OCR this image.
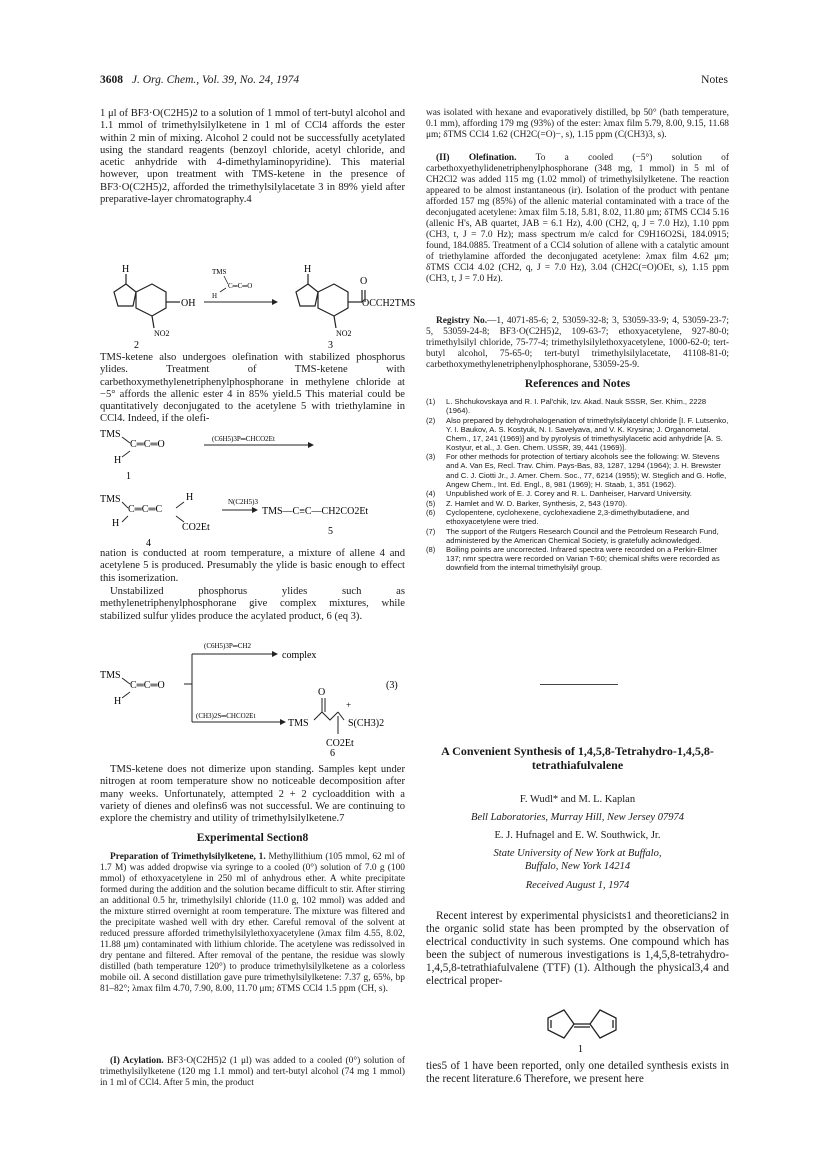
3608 J. Org. Chem., Vol. 39, No. 24, 1974	Notes

1 μl of BF3·O(C2H5)2 to a solution of 1 mmol of tert-butyl alcohol and 1.1 mmol of trimethylsilylketene in 1 ml of CCl4 affords the ester within 2 min of mixing. Alcohol 2 could not be successfully acetylated using the standard reagents (benzoyl chloride, acetyl chloride, and acetic anhydride with 4-dimethylaminopyridine). This material however, upon treatment with TMS-ketene in the presence of BF3·O(C2H5)2, afforded the trimethylsilylacetate 3 in 89% yield after preparative-layer chromatography.4

H
OH
NO2
2
TMS
C═C═O
H
H
O
OCCH2TMS
NO2
3

TMS-ketene also undergoes olefination with stabilized phosphorus ylides. Treatment of TMS-ketene with carbethoxymethylenetriphenylphosphorane in methylene chloride at −5° affords the allenic ester 4 in 85% yield.5 This material could be quantitatively deconjugated to the acetylene 5 with triethylamine in CCl4. Indeed, if the olefi-

TMS
C═C═O
H
(C6H5)3P═CHCO2Et
1
TMS
C═C═C
H
H
CO2Et
N(C2H5)3
TMS—C≡C—CH2CO2Et
4
5

nation is conducted at room temperature, a mixture of allene 4 and acetylene 5 is produced. Presumably the ylide is basic enough to effect this isomerization.

Unstabilized phosphorus ylides such as methylenetriphenylphosphorane give complex mixtures, while stabilized sulfur ylides produce the acylated product, 6 (eq 3).

TMS
C═C═O
H
(C6H5)3P═CH2
complex
(CH3)2S═CHCO2Et
TMS
O
+
S(CH3)2
CO2Et
(3)
6

TMS-ketene does not dimerize upon standing. Samples kept under nitrogen at room temperature show no noticeable decomposition after many weeks. Unfortunately, attempted 2 + 2 cycloaddition with a variety of dienes and olefins6 was not successful. We are continuing to explore the chemistry and utility of trimethylsilylketene.7

Experimental Section8

Preparation of Trimethylsilylketene, 1. Methyllithium (105 mmol, 62 ml of 1.7 M) was added dropwise via syringe to a cooled (0°) solution of 7.0 g (100 mmol) of ethoxyacetylene in 250 ml of anhydrous ether. A white precipitate formed during the addition and the solution became difficult to stir. After stirring an additional 0.5 hr, trimethylsilyl chloride (11.0 g, 102 mmol) was added and the mixture stirred overnight at room temperature. The mixture was filtered and the precipitate washed well with dry ether. Careful removal of the solvent at reduced pressure afforded trimethylsilylethoxyacetylene (λmax film 4.55, 8.02, 11.88 μm) contaminated with lithium chloride. The acetylene was redissolved in dry pentane and filtered. After removal of the pentane, the residue was slowly distilled (bath temperature 120°) to produce trimethylsilylketene as a colorless mobile oil. A second distillation gave pure trimethylsilylketene: 7.37 g, 65%, bp 81–82°; λmax film 4.70, 7.90, 8.00, 11.70 μm; δTMS CCl4 1.5 ppm (CH, s).

(I) Acylation. BF3·O(C2H5)2 (1 μl) was added to a cooled (0°) solution of trimethylsilylketene (120 mg 1.1 mmol) and tert-butyl alcohol (74 mg 1 mmol) in 1 ml of CCl4. After 5 min, the product

was isolated with hexane and evaporatively distilled, bp 50° (bath temperature, 0.1 mm), affording 179 mg (93%) of the ester: λmax film 5.79, 8.00, 9.15, 11.68 μm; δTMS CCl4 1.62 (CH2C(=O)−, s), 1.15 ppm (C(CH3)3, s).

(II) Olefination. To a cooled (−5°) solution of carbethoxyethylidenetriphenylphosphorane (348 mg, 1 mmol) in 5 ml of CH2Cl2 was added 115 mg (1.02 mmol) of trimethylsilylketene. The reaction appeared to be almost instantaneous (ir). Isolation of the product with pentane afforded 157 mg (85%) of the allenic material contaminated with a trace of the deconjugated acetylene: λmax film 5.18, 5.81, 8.02, 11.80 μm; δTMS CCl4 5.16 (allenic H's, AB quartet, JAB = 6.1 Hz), 4.00 (CH2, q, J = 7.0 Hz), 1.10 ppm (CH3, t, J = 7.0 Hz); mass spectrum m/e calcd for C9H16O2Si, 184.0915; found, 184.0885. Treatment of a CCl4 solution of allene with a catalytic amount of triethylamine afforded the deconjugated acetylene: λmax film 4.62 μm; δTMS CCl4 4.02 (CH2, q, J = 7.0 Hz), 3.04 (CH2C(=O)OEt, s), 1.15 ppm (CH3, t, J = 7.0 Hz).

Registry No.—1, 4071-85-6; 2, 53059-32-8; 3, 53059-33-9; 4, 53059-23-7; 5, 53059-24-8; BF3·O(C2H5)2, 109-63-7; ethoxyacetylene, 927-80-0; trimethylsilyl chloride, 75-77-4; trimethylsilylethoxyacetylene, 1000-62-0; tert-butyl alcohol, 75-65-0; tert-butyl trimethylsilylacetate, 41108-81-0; carbethoxymethylenetriphenylphosphorane, 53059-25-9.

References and Notes
(1) L. Shchukovskaya and R. I. Pal'chik, Izv. Akad. Nauk SSSR, Ser. Khim., 2228 (1964).
(2) Also prepared by dehydrohalogenation of trimethylsilylacetyl chloride [I. F. Lutsenko, Y. I. Baukov, A. S. Kostyuk, N. I. Savelyava, and V. K. Krysina; J. Organometal. Chem., 17, 241 (1969)] and by pyrolysis of trimethysilylacetic acid anhydride [A. S. Kostyur, et al., J. Gen. Chem. USSR, 39, 441 (1969)].
(3) For other methods for protection of tertiary alcohols see the following: W. Stevens and A. Van Es, Recl. Trav. Chim. Pays-Bas, 83, 1287, 1294 (1964); J. H. Brewster and C. J. Ciotti Jr., J. Amer. Chem. Soc., 77, 6214 (1955); W. Steglich and G. Hofle, Angew Chem., Int. Ed. Engl., 8, 981 (1969); H. Staab, 1, 351 (1962).
(4) Unpublished work of E. J. Corey and R. L. Danheiser, Harvard University.
(5) Z. Hamlet and W. D. Barker, Synthesis, 2, 543 (1970).
(6) Cyclopentene, cyclohexene, cyclohexadiene 2,3-dimethylbutadiene, and ethoxyacetylene were tried.
(7) The support of the Rutgers Research Council and the Petroleum Research Fund, administered by the American Chemical Society, is gratefully acknowledged.
(8) Boiling points are uncorrected. Infrared spectra were recorded on a Perkin-Elmer 137; nmr spectra were recorded on Varian T-60; chemical shifts were recorded as downfield from the internal trimethylsilyl group.
A Convenient Synthesis of 1,4,5,8-Tetrahydro-1,4,5,8-tetrathiafulvalene
F. Wudl* and M. L. Kaplan
Bell Laboratories, Murray Hill, New Jersey 07974
E. J. Hufnagel and E. W. Southwick, Jr.
State University of New York at Buffalo,
Buffalo, New York 14214
Received August 1, 1974

Recent interest by experimental physicists1 and theoreticians2 in the organic solid state has been prompted by the observation of electrical conductivity in such systems. One compound which has been the subject of numerous investigations is 1,4,5,8-tetrahydro-1,4,5,8-tetrathiafulvalene (TTF) (1). Although the physical3,4 and electrical proper-

1

ties5 of 1 have been reported, only one detailed synthesis exists in the recent literature.6 Therefore, we present here
